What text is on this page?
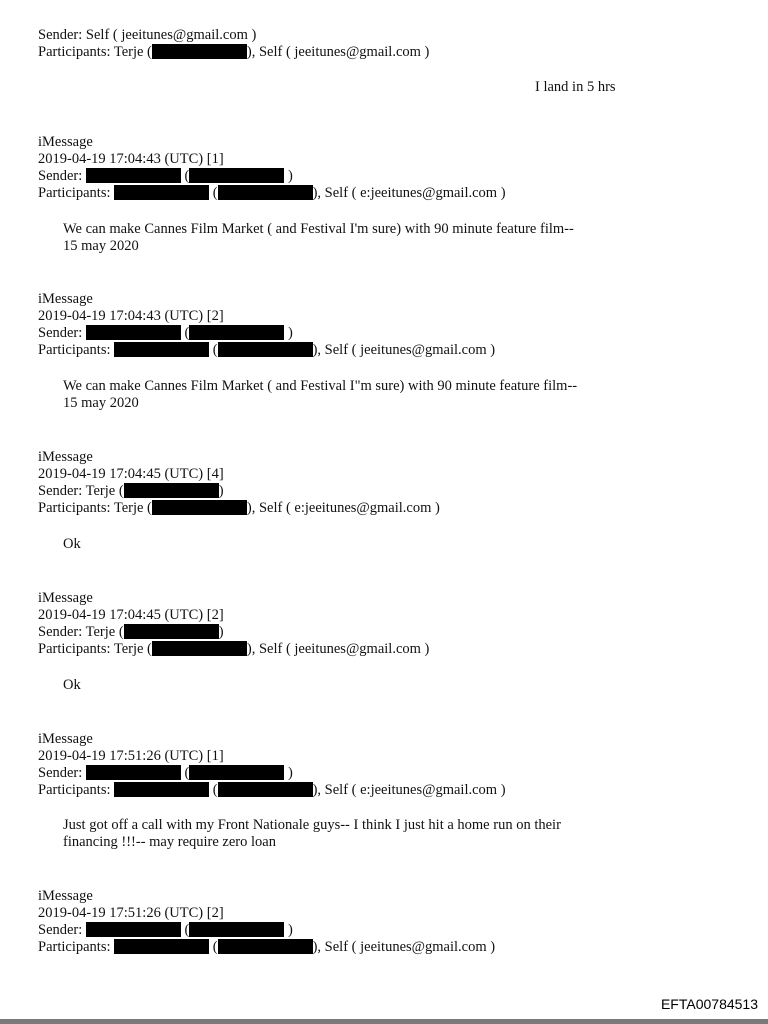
Sender: Self ( jeeitunes@gmail.com )
Participants: Terje (	), Self ( jeeitunes@gmail.com )
I land in 5 hrs
iMessage
2019-04-19 17:04:43 (UTC) [1]
Sender:	(	)
Participants:	(	), Self ( e:jeeitunes@gmail.com )
We can make Cannes Film Market ( and Festival I'm sure) with 90 minute feature film--
15 may 2020
iMessage
2019-04-19 17:04:43 (UTC) [2]
Sender:	(	)
Participants:	(	), Self ( jeeitunes@gmail.com )
We can make Cannes Film Market ( and Festival I"m sure) with 90 minute feature film--
15 may 2020
iMessage
2019-04-19 17:04:45 (UTC) [4]
Sender: Terje (	)
Participants: Terje (	), Self ( e:jeeitunes@gmail.com )
Ok
iMessage
2019-04-19 17:04:45 (UTC) [2]
Sender: Terje (	)
Participants: Terje (	), Self ( jeeitunes@gmail.com )
Ok
iMessage
2019-04-19 17:51:26 (UTC) [1]
Sender:	(	)
Participants:	(	), Self ( e:jeeitunes@gmail.com )
Just got off a call with my Front Nationale guys-- I think I just hit a home run on their
financing !!!-- may require zero loan
iMessage
2019-04-19 17:51:26 (UTC) [2]
Sender:	(	)
Participants:	(	), Self ( jeeitunes@gmail.com )
EFTA00784513
